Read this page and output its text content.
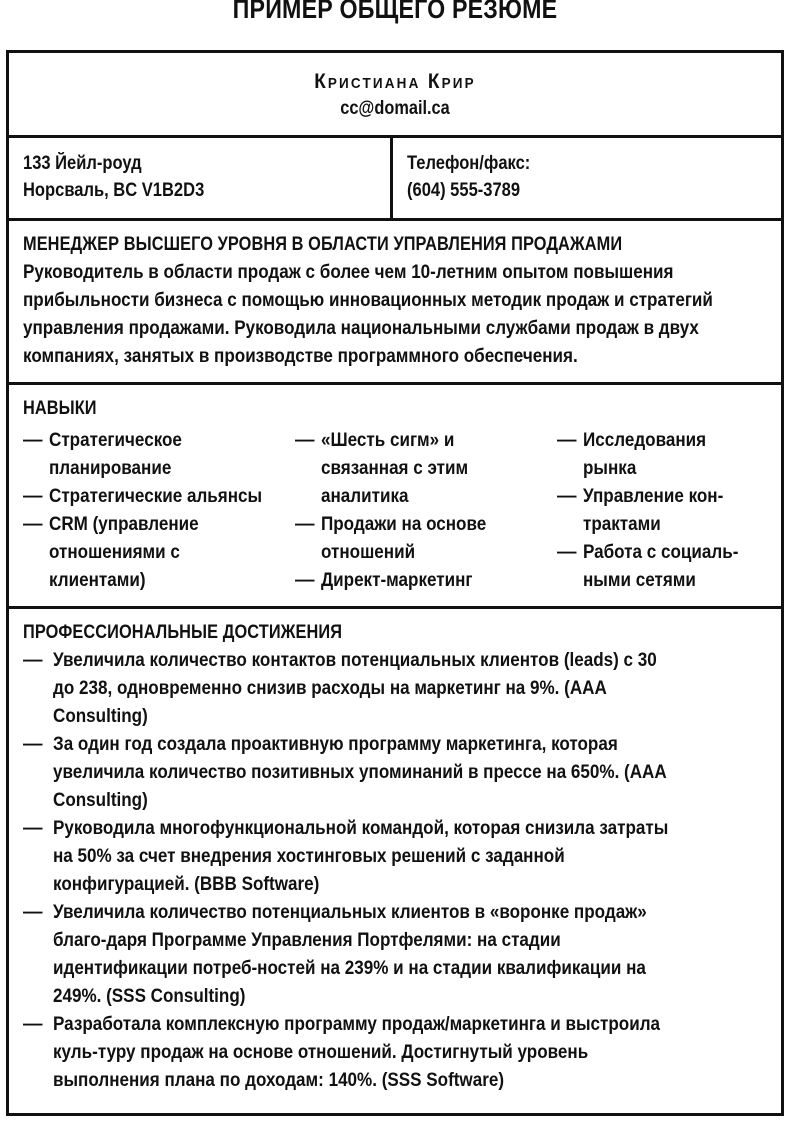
ПРИМЕР ОБЩЕГО РЕЗЮМЕ
Кристиана Крир
cc@domail.ca
133 Йейл-роуд
Норсваль, BC V1B2D3
Телефон/факс:
(604) 555-3789
МЕНЕДЖЕР ВЫСШЕГО УРОВНЯ В ОБЛАСТИ УПРАВЛЕНИЯ ПРОДАЖАМИ
Руководитель в области продаж с более чем 10-летним опытом повышения прибыльности бизнеса с помощью инновационных методик продаж и стратегий управления продажами. Руководила национальными службами продаж в двух компаниях, занятых в производстве программного обеспечения.
НАВЫКИ
— Стратегическое планирование
— Стратегические альянсы
— CRM (управление отношениями с клиентами)
— «Шесть сигм» и связанная с этим аналитика
— Продажи на основе отношений
— Директ-маркетинг
— Исследования рынка
— Управление кон-трактами
— Работа с социаль-ными сетями
ПРОФЕССИОНАЛЬНЫЕ ДОСТИЖЕНИЯ
— Увеличила количество контактов потенциальных клиентов (leads) с 30 до 238, одновременно снизив расходы на маркетинг на 9%. (AAA Consulting)
— За один год создала проактивную программу маркетинга, которая увеличила количество позитивных упоминаний в прессе на 650%. (AAA Consulting)
— Руководила многофункциональной командой, которая снизила затраты на 50% за счет внедрения хостинговых решений с заданной конфигурацией. (BBB Software)
— Увеличила количество потенциальных клиентов в «воронке продаж» благо-даря Программе Управления Портфелями: на стадии идентификации потреб-ностей на 239% и на стадии квалификации на 249%. (SSS Consulting)
— Разработала комплексную программу продаж/маркетинга и выстроила куль-туру продаж на основе отношений. Достигнутый уровень выполнения плана по доходам: 140%. (SSS Software)
